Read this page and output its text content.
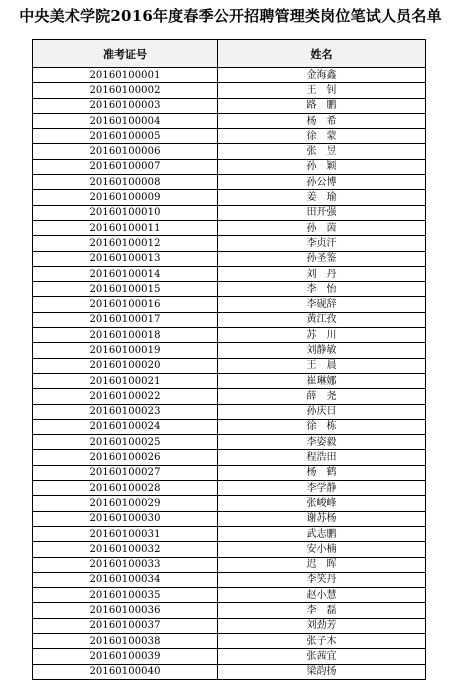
中央美术学院2016年度春季公开招聘管理类岗位笔试人员名单
准考证号	姓名
20160100001	金海鑫
20160100002	王　钊
20160100003	路　鹏
20160100004	杨　希
20160100005	徐　蒙
20160100006	张　昱
20160100007	孙　颖
20160100008	孙公博
20160100009	姜　瑜
20160100010	田开强
20160100011	孙　茵
20160100012	李贞汗
20160100013	孙圣鉴
20160100014	刘　丹
20160100015	李　怡
20160100016	李砚辞
20160100017	黄江孜
20160100018	苏　川
20160100019	刘静敏
20160100020	王　晨
20160100021	崔琳娜
20160100022	薛　尧
20160100023	孙庆日
20160100024	徐　栋
20160100025	李姿毅
20160100026	程浩田
20160100027	杨　鹤
20160100028	李学静
20160100029	张峻峰
20160100030	谢苏杨
20160100031	武志鹏
20160100032	安小楠
20160100033	迟　晖
20160100034	李笑丹
20160100035	赵小慧
20160100036	李　磊
20160100037	刘劲芳
20160100038	张子木
20160100039	张茜宜
20160100040	梁韵扬
